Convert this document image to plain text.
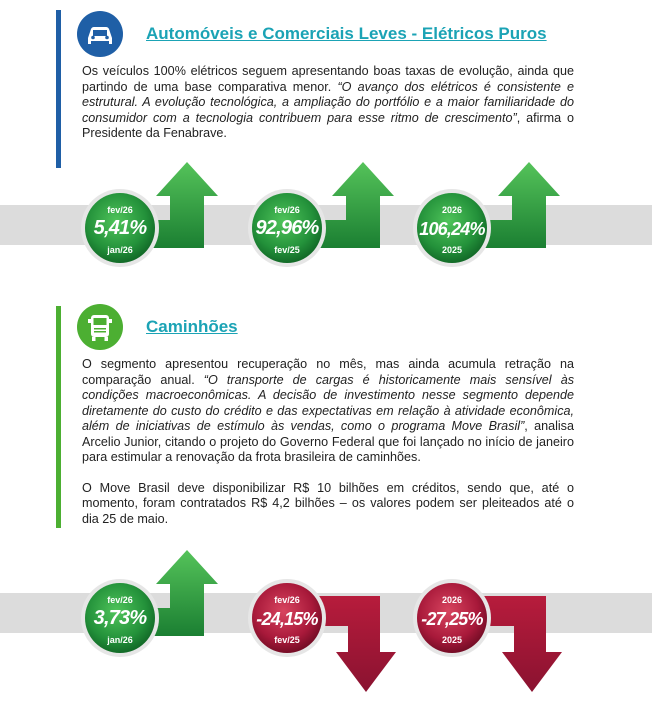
Automóveis e Comerciais Leves - Elétricos Puros

Os veículos 100% elétricos seguem apresentando boas taxas de evolução, ainda que partindo de uma base comparativa menor. “O avanço dos elétricos é consistente e estrutural. A evolução tecnológica, a ampliação do portfólio e a maior familiaridade do consumidor com a tecnologia contribuem para esse ritmo de crescimento”, afirma o Presidente da Fenabrave.

fev/26
5,41%
jan/26
fev/26
92,96%
fev/25
2026
106,24%
2025
Caminhões

O segmento apresentou recuperação no mês, mas ainda acumula retração na comparação anual. “O transporte de cargas é historicamente mais sensível às condições macroeconômicas. A decisão de investimento nesse segmento depende diretamente do custo do crédito e das expectativas em relação à atividade econômica, além de iniciativas de estímulo às vendas, como o programa Move Brasil”, analisa Arcelio Junior, citando o projeto do Governo Federal que foi lançado no início de janeiro para estimular a renovação da frota brasileira de caminhões.

O Move Brasil deve disponibilizar R$ 10 bilhões em créditos, sendo que, até o momento, foram contratados R$ 4,2 bilhões – os valores podem ser pleiteados até o dia 25 de maio.

fev/26
3,73%
jan/26
fev/26
-24,15%
fev/25
2026
-27,25%
2025
